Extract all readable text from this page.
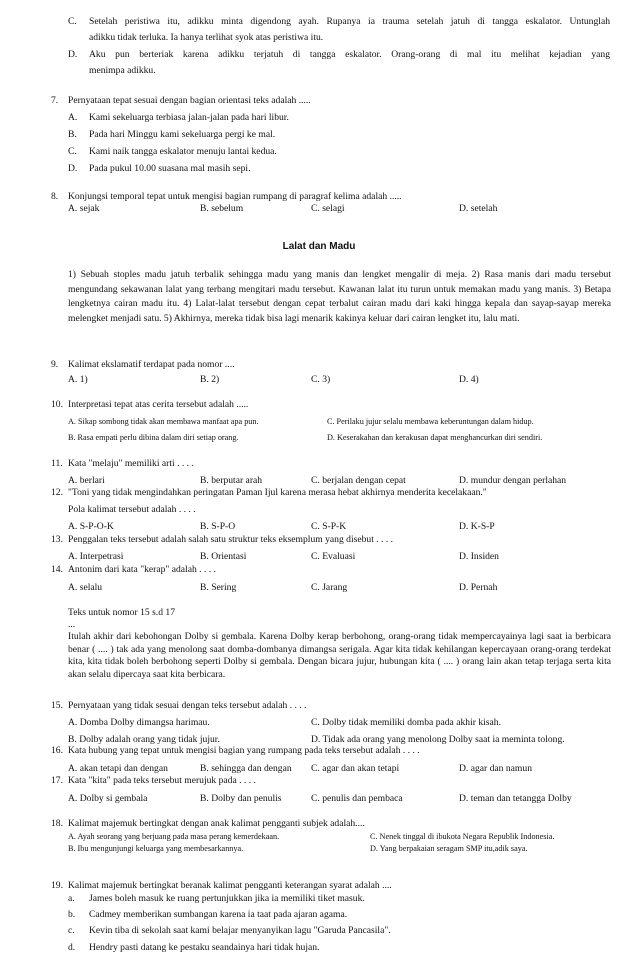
C. Setelah peristiwa itu, adikku minta digendong ayah. Rupanya ia trauma setelah jatuh di tangga eskalator. Untunglah
adikku tidak terluka. Ia hanya terlihat syok atas peristiwa itu.
D. Aku pun berteriak karena adikku terjatuh di tangga eskalator. Orang-orang di mal itu melihat kejadian yang
menimpa adikku.
7. Pernyataan tepat sesuai dengan bagian orientasi teks adalah .....
A. Kami sekeluarga terbiasa jalan-jalan pada hari libur.
B. Pada hari Minggu kami sekeluarga pergi ke mal.
C. Kami naik tangga eskalator menuju lantai kedua.
D. Pada pukul 10.00 suasana mal masih sepi.
8. Konjungsi temporal tepat untuk mengisi bagian rumpang di paragraf kelima adalah .....
A. sejak	B. sebelum	C. selagi	D. setelah
Lalat dan Madu
1) Sebuah stoples madu jatuh terbalik sehingga madu yang manis dan lengket mengalir di meja. 2) Rasa manis dari madu tersebut mengundang sekawanan lalat yang terbang mengitari madu tersebut. Kawanan lalat itu turun untuk memakan madu yang manis. 3) Betapa lengketnya cairan madu itu. 4) Lalat-lalat tersebut dengan cepat terbalut cairan madu dari kaki hingga kepala dan sayap-sayap mereka melengket menjadi satu. 5) Akhirnya, mereka tidak bisa lagi menarik kakinya keluar dari cairan lengket itu, lalu mati.
9. Kalimat ekslamatif terdapat pada nomor ....
A. 1)	B. 2)	C. 3)	D. 4)
10. Interpretasi tepat atas cerita tersebut adalah .....
A. Sikap sombong tidak akan membawa manfaat apa pun.	C. Perilaku jujur selalu membawa keberuntungan dalam hidup.
B. Rasa empati perlu dibina dalam diri setiap orang.	D. Keserakahan dan kerakusan dapat menghancurkan diri sendiri.
11. Kata "melaju" memiliki arti . . . .
A. berlari	B. berputar arah	C. berjalan dengan cepat	D. mundur dengan perlahan
12. "Toni yang tidak mengindahkan peringatan Paman Ijul karena merasa hebat akhirnya menderita kecelakaan."
Pola kalimat tersebut adalah . . . .
A. S-P-O-K	B. S-P-O	C. S-P-K	D. K-S-P
13. Penggalan teks tersebut adalah salah satu struktur teks eksemplum yang disebut . . . .
A. Interpetrasi	B. Orientasi	C. Evaluasi	D. Insiden
14. Antonim dari kata "kerap" adalah . . . .
A. selalu	B. Sering	C. Jarang	D. Pernah
Teks untuk nomor 15 s.d 17
...
Itulah akhir dari kebohongan Dolby si gembala. Karena Dolby kerap berbohong, orang-orang tidak mempercayainya lagi saat ia berbicara benar ( .... ) tak ada yang menolong saat domba-dombanya dimangsa serigala. Agar kita tidak kehilangan kepercayaan orang-orang terdekat kita, kita tidak boleh berbohong seperti Dolby si gembala. Dengan bicara jujur, hubungan kita ( .... ) orang lain akan tetap terjaga serta kita akan selalu dipercaya saat kita berbicara.
15. Pernyataan yang tidak sesuai dengan teks tersebut adalah . . . .
A. Domba Dolby dimangsa harimau.	C. Dolby tidak memiliki domba pada akhir kisah.
B. Dolby adalah orang yang tidak jujur.	D. Tidak ada orang yang menolong Dolby saat ia meminta tolong.
16. Kata hubung yang tepat untuk mengisi bagian yang rumpang pada teks tersebut adalah . . . .
A. akan tetapi dan dengan	B. sehingga dan dengan C. agar dan akan tetapi	D. agar dan namun
17. Kata "kita" pada teks tersebut merujuk pada . . . .
A. Dolby si gembala	B. Dolby dan penulis	C. penulis dan pembaca	D. teman dan tetangga Dolby
18. Kalimat majemuk bertingkat dengan anak kalimat pengganti subjek adalah....
A. Ayah seorang yang berjuang pada masa perang kemerdekaan.	C. Nenek tinggal di ibukota Negara Republik Indonesia.
B. Ibu mengunjungi keluarga yang membesarkannya.	D. Yang berpakaian seragam SMP itu,adik saya.
19. Kalimat majemuk bertingkat beranak kalimat pengganti keterangan syarat adalah ....
a. James boleh masuk ke ruang pertunjukkan jika ia memiliki tiket masuk.
b. Cadmey memberikan sumbangan karena ia taat pada ajaran agama.
c. Kevin tiba di sekolah saat kami belajar menyanyikan lagu "Garuda Pancasila".
d. Hendry pasti datang ke pestaku seandainya hari tidak hujan.
